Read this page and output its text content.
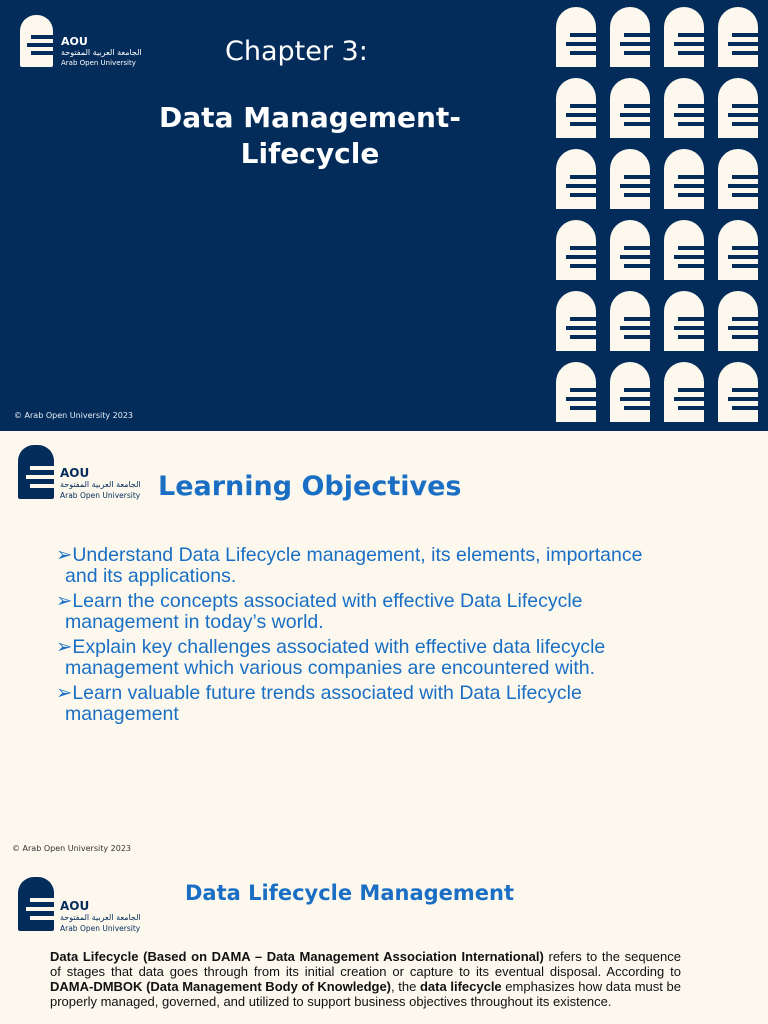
AOU
الجامعة العربية المفتوحة
Arab Open University	Chapter 3:
Data Management-
Lifecycle
© Arab Open University 2023
AOU
الجامعة العربية المفتوحة
Arab Open University Learning Objectives
➢Understand Data Lifecycle management, its elements, importance
and its applications.
➢Learn the concepts associated with effective Data Lifecycle
management in today’s world.
➢Explain key challenges associated with effective data lifecycle
management which various companies are encountered with.
➢Learn valuable future trends associated with Data Lifecycle
management
© Arab Open University 2023
AOU
الجامعة العربية المفتوحة
Arab Open University
Data Lifecycle Management
Data Lifecycle (Based on DAMA – Data Management Association International) refers to the sequence of stages that data goes through from its initial creation or capture to its eventual disposal. According to DAMA-DMBOK (Data Management Body of Knowledge), the data lifecycle emphasizes how data must be properly managed, governed, and utilized to support business objectives throughout its existence.
